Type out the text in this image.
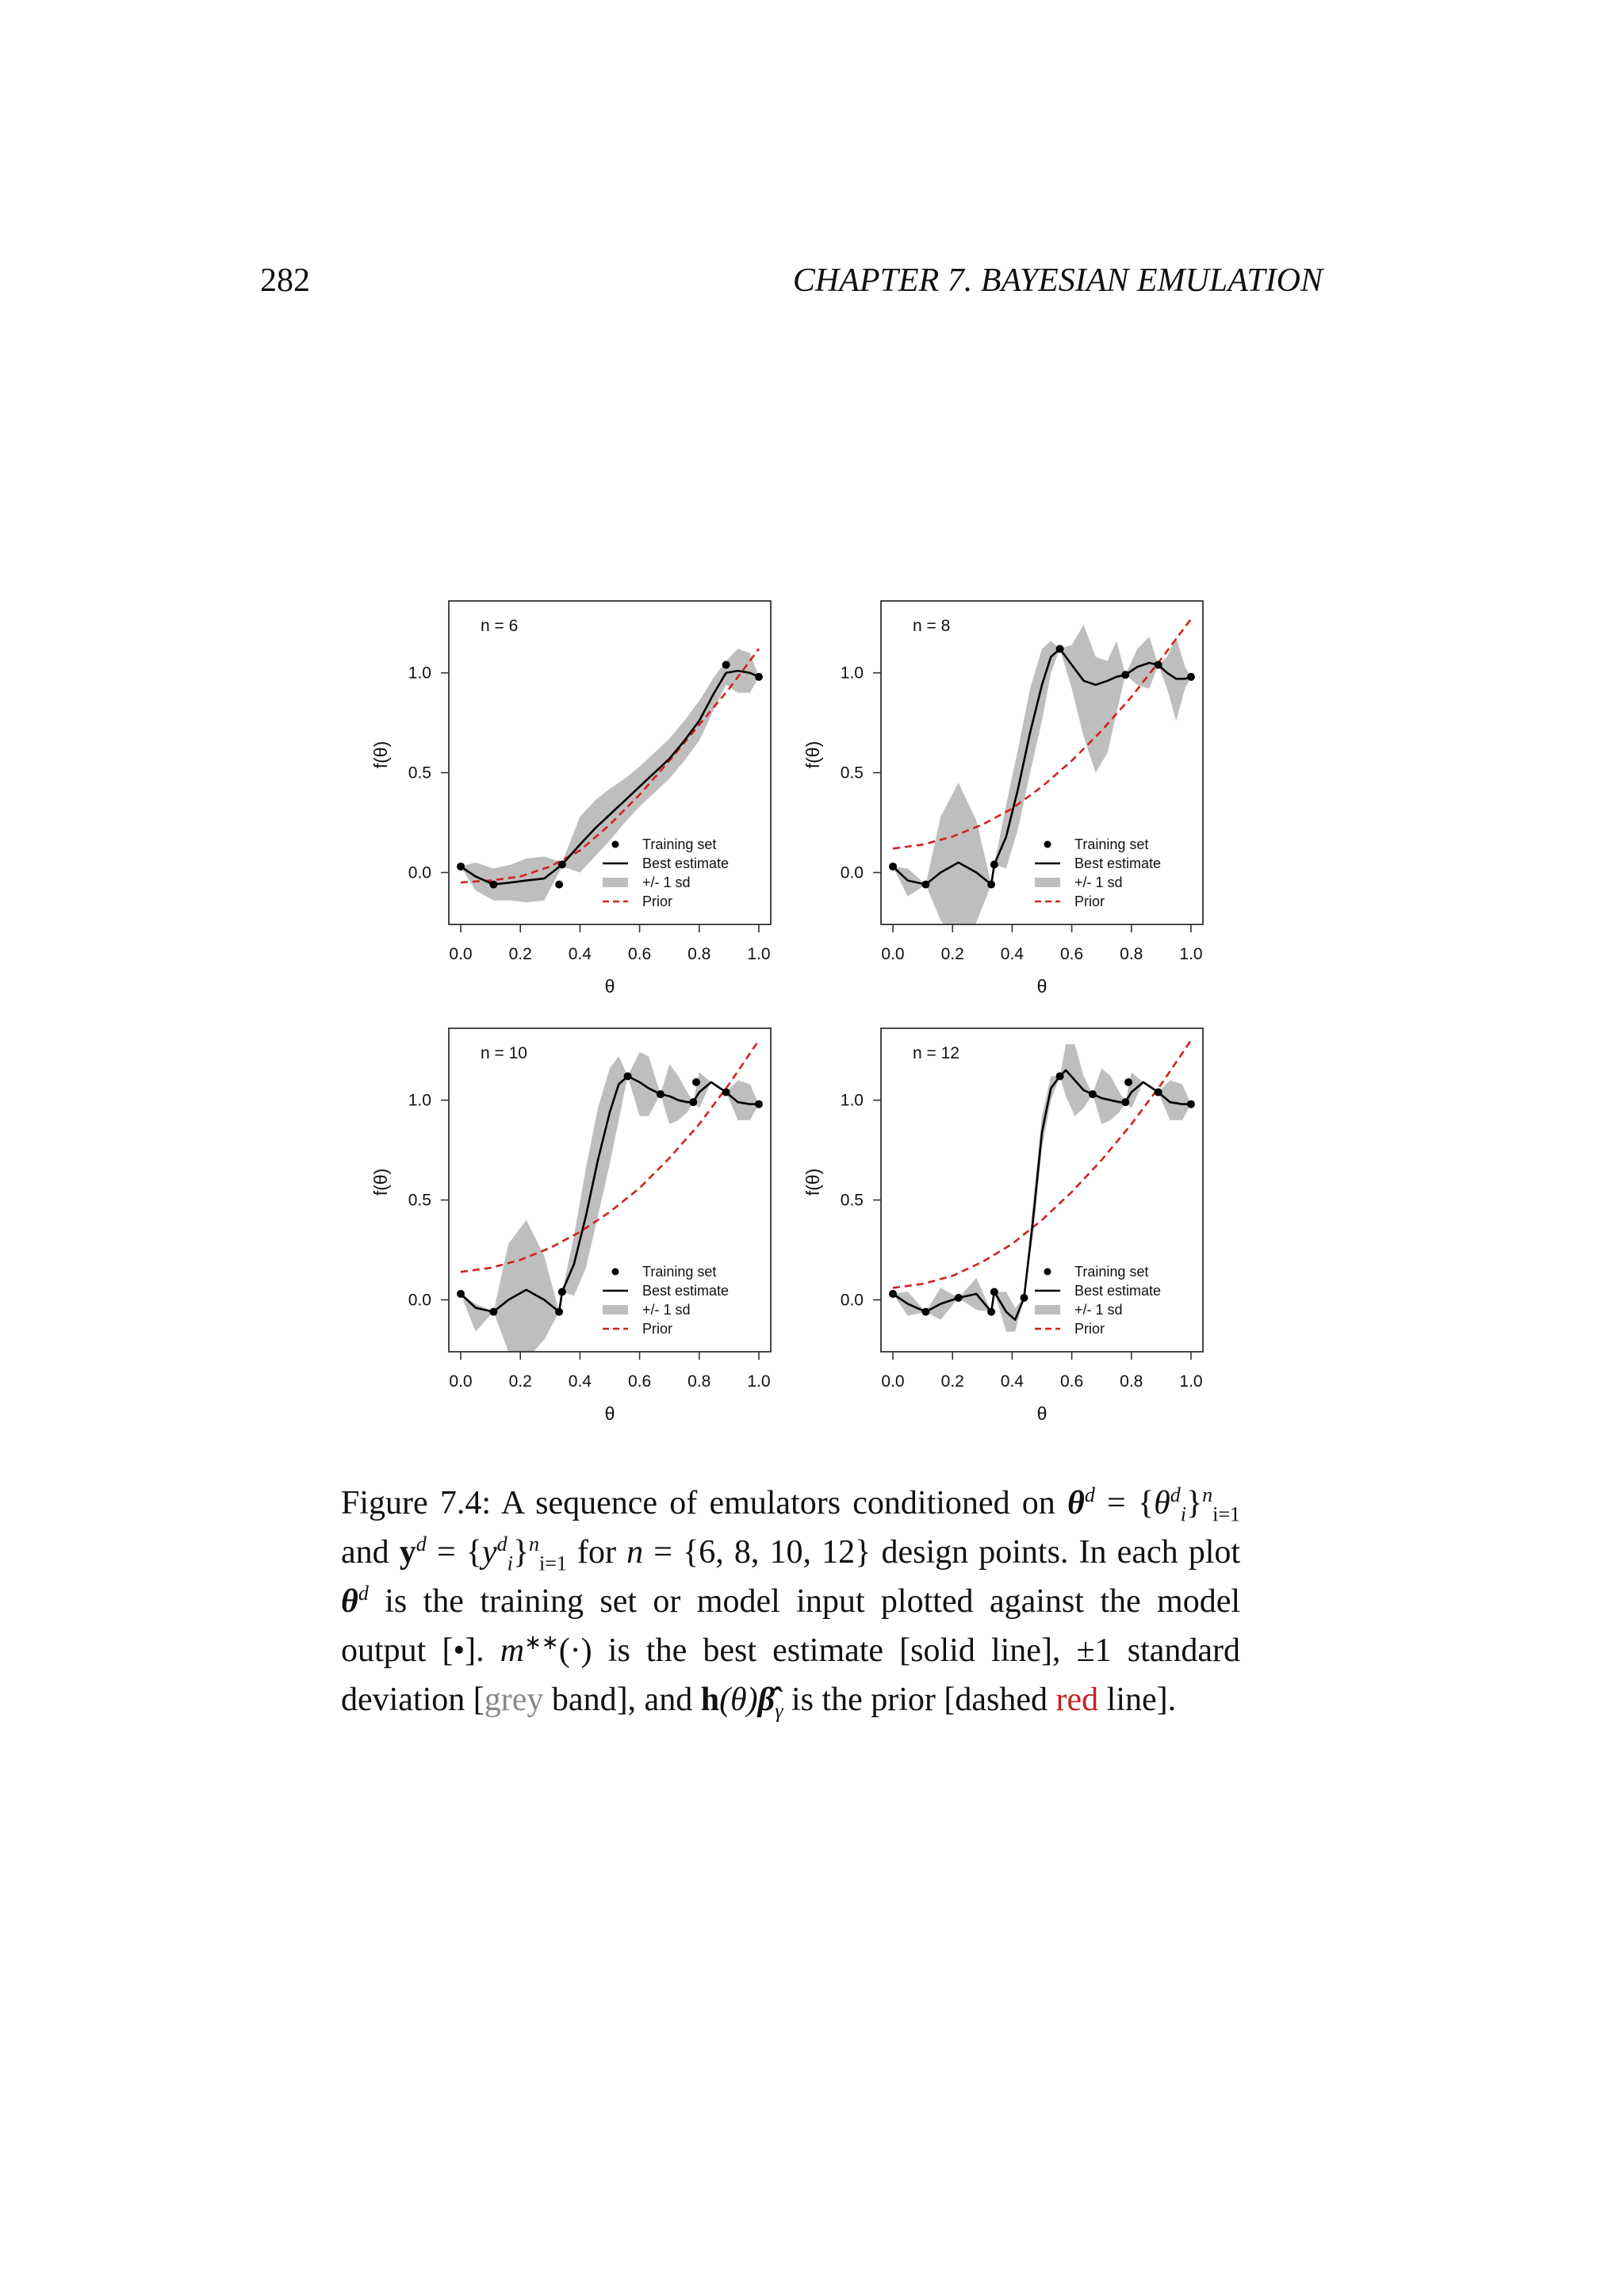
282	CHAPTER 7. BAYESIAN EMULATION
0.0 0.2 0.4 0.6 0.8 1.0
0.0
0.5
1.0
θ
f(θ)
n = 6
Training set
Best estimate
+/- 1 sd
Prior
0.0 0.2 0.4 0.6 0.8 1.0
0.0
0.5
1.0
θ
f(θ)
n = 8
Training set
Best estimate
+/- 1 sd
Prior
0.0 0.2 0.4 0.6 0.8 1.0
0.0
0.5
1.0
θ
f(θ)
n = 10
Training set
Best estimate
+/- 1 sd
Prior
0.0 0.2 0.4 0.6 0.8 1.0
0.0
0.5
1.0
θ
f(θ)
n = 12
Training set
Best estimate
+/- 1 sd
Prior
Figure 7.4: A sequence of emulators conditioned on $\theta^d = \{\theta^d_i\}^n_{i=1}$ and $y^d = \{y^d_i\}^n_{i=1}$ for n = {6, 8, 10, 12} design points. In each plot $\theta^d$ is the training set or model input plotted against the model output [•]. m∗∗(·) is the best estimate [solid line], ±1 standard deviation [grey band], and $h(\theta)\betâ_\gamma$ is the prior [dashed red line].
